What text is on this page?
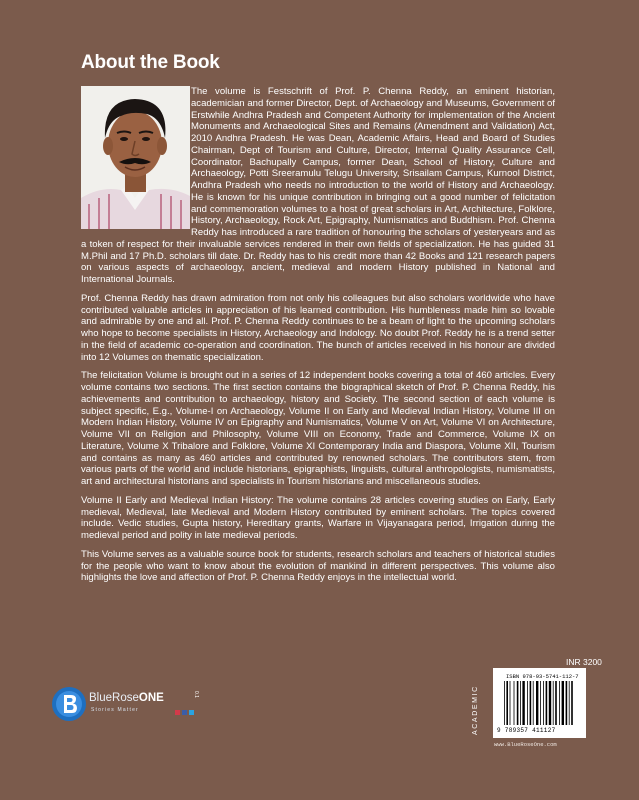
About the Book

The volume is Festschrift of Prof. P. Chenna Reddy, an eminent historian, academician and former Director, Dept. of Archaeology and Museums, Government of Erstwhile Andhra Pradesh and Competent Authority for implementation of the Ancient Monuments and Archaeological Sites and Remains (Amendment and Validation) Act, 2010 Andhra Pradesh. He was Dean, Academic Affairs, Head and Board of Studies Chairman, Dept of Tourism and Culture, Director, Internal Quality Assurance Cell, Coordinator, Bachupally Campus, former Dean, School of History, Culture and Archaeology, Potti Sreeramulu Telugu University, Srisailam Campus, Kurnool District, Andhra Pradesh who needs no introduction to the world of History and Archaeology. He is known for his unique contribution in bringing out a good number of felicitation and commemoration volumes to a host of great scholars in Art, Architecture, Folklore, History, Archaeology, Rock Art, Epigraphy, Numismatics and Buddhism. Prof. Chenna Reddy has introduced a rare tradition of honouring the scholars of yesteryears and as a token of respect for their invaluable services rendered in their own fields of specialization. He has guided 31 M.Phil and 17 Ph.D. scholars till date. Dr. Reddy has to his credit more than 42 Books and 121 research papers on various aspects of archaeology, ancient, medieval and modern History published in National and International Journals.

Prof. Chenna Reddy has drawn admiration from not only his colleagues but also scholars worldwide who have contributed valuable articles in appreciation of his learned contribution. His humbleness made him so lovable and admirable by one and all. Prof. P. Chenna Reddy continues to be a beam of light to the upcoming scholars who hope to become specialists in History, Archaeology and Indology. No doubt Prof. Reddy he is a trend setter in the field of academic co-operation and coordination. The bunch of articles received in his honour are divided into 12 Volumes on thematic specialization.

The felicitation Volume is brought out in a series of 12 independent books covering a total of 460 articles. Every volume contains two sections. The first section contains the biographical sketch of Prof. P. Chenna Reddy, his achievements and contribution to archaeology, history and Society. The second section of each volume is subject specific, E.g., Volume-I on Archaeology, Volume II on Early and Medieval Indian History, Volume III on Modern Indian History, Volume IV on Epigraphy and Numismatics, Volume V on Art, Volume VI on Architecture, Volume VII on Religion and Philosophy, Volume VIII on Economy, Trade and Commerce, Volume IX on Literature, Volume X Tribalore and Folklore, Volume XI Contemporary India and Diaspora, Volume XII, Tourism and contains as many as 460 articles and contributed by renowned scholars. The contributors stem, from various parts of the world and include historians, epigraphists, linguists, cultural anthropologists, numismatists, art and architectural historians and specialists in Tourism historians and miscellaneous studies.

Volume II Early and Medieval Indian History: The volume contains 28 articles covering studies on Early, Early medieval, Medieval, late Medieval and Modern History contributed by eminent scholars. The topics covered include. Vedic studies, Gupta history, Hereditary grants, Warfare in Vijayanagara period, Irrigation during the medieval period and polity in late medieval periods.

This Volume serves as a valuable source book for students, research scholars and teachers of historical studies for the people who want to know about the evolution of mankind in different perspectives. This volume also highlights the love and affection of Prof. P. Chenna Reddy enjoys in the intellectual world.

BlueRoseONE
Stories Matter
0.1
INR 3200
ACADEMIC
ISBN 978-93-5741-112-7
9 789357 411127
www.BlueRoseOne.com
